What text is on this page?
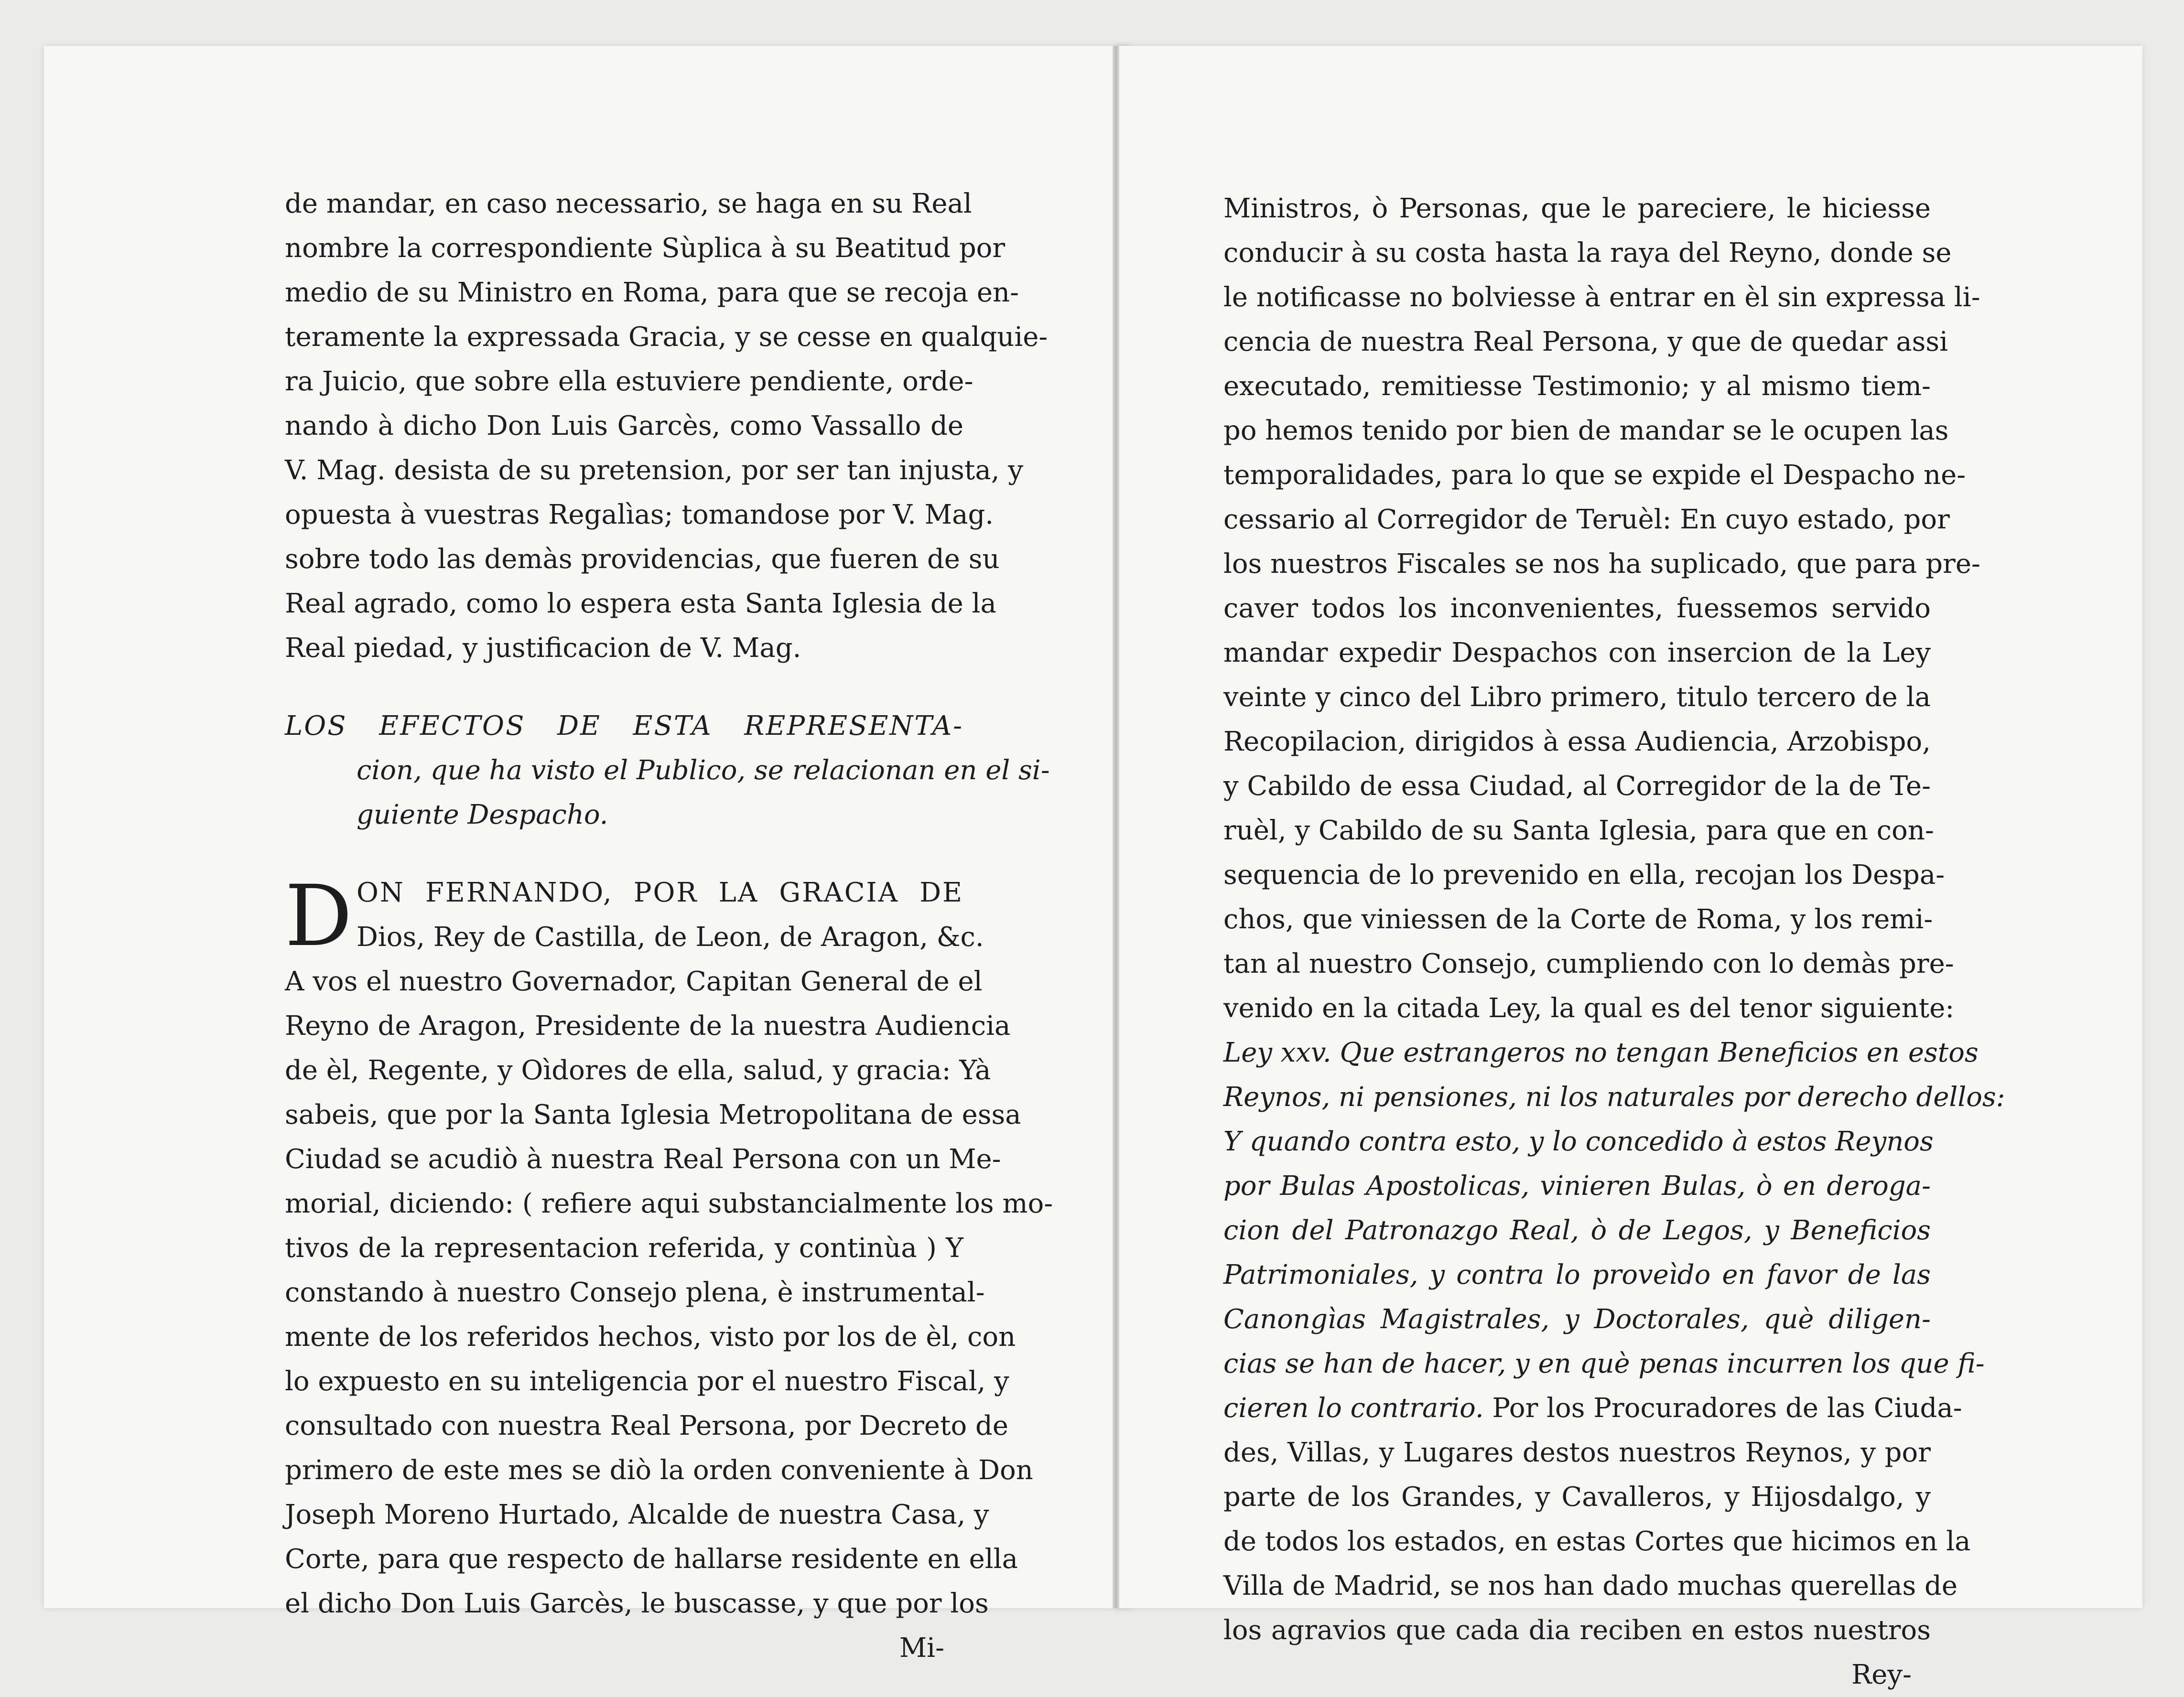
de mandar, en caso necessario, se haga en su Real
nombre la correspondiente Sùplica à su Beatitud por
medio de su Ministro en Roma, para que se recoja en-
teramente la expressada Gracia, y se cesse en qualquie-
ra Juicio, que sobre ella estuviere pendiente, orde-
nando à dicho Don Luis Garcès, como Vassallo de
V. Mag. desista de su pretension, por ser tan injusta, y
opuesta à vuestras Regalìas; tomandose por V. Mag.
sobre todo las demàs providencias, que fueren de su
Real agrado, como lo espera esta Santa Iglesia de la
Real piedad, y justificacion de V. Mag.
LOS EFECTOS DE ESTA REPRESENTA-
cion, que ha visto el Publico, se relacionan en el si-
guiente Despacho.
D ON FERNANDO, POR LA GRACIA DE
Dios, Rey de Castilla, de Leon, de Aragon, &c.
A vos el nuestro Governador, Capitan General de el
Reyno de Aragon, Presidente de la nuestra Audiencia
de èl, Regente, y Oìdores de ella, salud, y gracia: Yà
sabeis, que por la Santa Iglesia Metropolitana de essa
Ciudad se acudiò à nuestra Real Persona con un Me-
morial, diciendo: ( refiere aqui substancialmente los mo-
tivos de la representacion referida, y continùa ) Y
constando à nuestro Consejo plena, è instrumental-
mente de los referidos hechos, visto por los de èl, con
lo expuesto en su inteligencia por el nuestro Fiscal, y
consultado con nuestra Real Persona, por Decreto de
primero de este mes se diò la orden conveniente à Don
Joseph Moreno Hurtado, Alcalde de nuestra Casa, y
Corte, para que respecto de hallarse residente en ella
el dicho Don Luis Garcès, le buscasse, y que por los
Mi-
Ministros, ò Personas, que le pareciere, le hiciesse
conducir à su costa hasta la raya del Reyno, donde se
le notificasse no bolviesse à entrar en èl sin expressa li-
cencia de nuestra Real Persona, y que de quedar assi
executado, remitiesse Testimonio; y al mismo tiem-
po hemos tenido por bien de mandar se le ocupen las
temporalidades, para lo que se expide el Despacho ne-
cessario al Corregidor de Teruèl: En cuyo estado, por
los nuestros Fiscales se nos ha suplicado, que para pre-
caver todos los inconvenientes, fuessemos servido
mandar expedir Despachos con insercion de la Ley
veinte y cinco del Libro primero, titulo tercero de la
Recopilacion, dirigidos à essa Audiencia, Arzobispo,
y Cabildo de essa Ciudad, al Corregidor de la de Te-
ruèl, y Cabildo de su Santa Iglesia, para que en con-
sequencia de lo prevenido en ella, recojan los Despa-
chos, que viniessen de la Corte de Roma, y los remi-
tan al nuestro Consejo, cumpliendo con lo demàs pre-
venido en la citada Ley, la qual es del tenor siguiente:
Ley xxv. Que estrangeros no tengan Beneficios en estos
Reynos, ni pensiones, ni los naturales por derecho dellos:
Y quando contra esto, y lo concedido à estos Reynos
por Bulas Apostolicas, vinieren Bulas, ò en deroga-
cion del Patronazgo Real, ò de Legos, y Beneficios
Patrimoniales, y contra lo proveìdo en favor de las
Canongìas Magistrales, y Doctorales, què diligen-
cias se han de hacer, y en què penas incurren los que fi-
cieren lo contrario. Por los Procuradores de las Ciuda-
des, Villas, y Lugares destos nuestros Reynos, y por
parte de los Grandes, y Cavalleros, y Hijosdalgo, y
de todos los estados, en estas Cortes que hicimos en la
Villa de Madrid, se nos han dado muchas querellas de
los agravios que cada dia reciben en estos nuestros
Rey-
